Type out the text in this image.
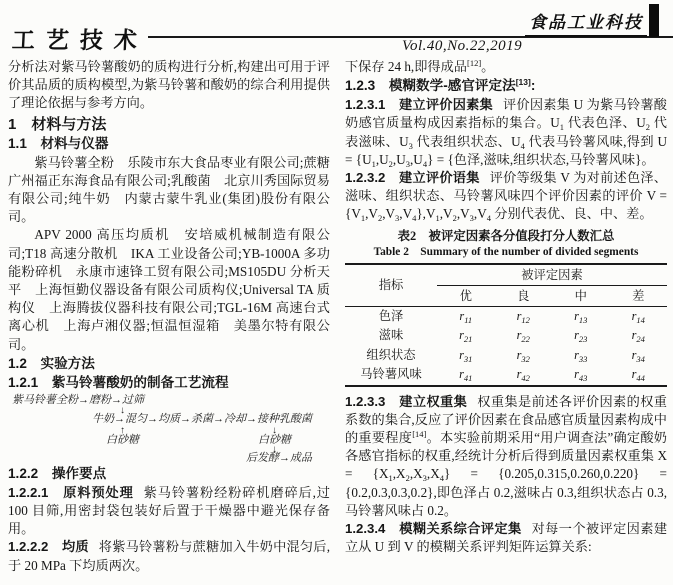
工艺技术
食品工业科技
Vol.40,No.22,2019

分析法对紫马铃薯酸奶的质构进行分析,构建出可用于评价其品质的质构模型,为紫马铃薯和酸奶的综合利用提供了理论依据与参考方向。

1　材料与方法
1.1　材料与仪器

紫马铃薯全粉　乐陵市东大食品枣业有限公司;蔗糖　广州福正东海食品有限公司;乳酸菌　北京川秀国际贸易有限公司;纯牛奶　内蒙古蒙牛乳业(集团)股份有限公司。

APV 2000 高压均质机　安培威机械制造有限公司;T18 高速分散机　IKA 工业设备公司;YB-1000A 多功能粉碎机　永康市速锋工贸有限公司;MS105DU 分析天平　上海恒勤仪器设备有限公司质构仪;Universal TA 质构仪　上海腾拔仪器科技有限公司;TGL-16M 高速台式离心机　上海卢湘仪器;恒温恒湿箱　美墨尔特有限公司。

1.2　实验方法
1.2.1　紫马铃薯酸奶的制备工艺流程
紫马铃薯全粉→磨粉→过筛
↓
牛奶→混匀→均质→杀菌→冷却→接种乳酸菌
↑
白砂糖
↓
白砂糖
↓
后发酵→成品
1.2.2　操作要点

1.2.2.1　原料预处理 紫马铃薯粉经粉碎机磨碎后,过 100 目筛,用密封袋包装好后置于干燥器中避光保存备用。

1.2.2.2　均质 将紫马铃薯粉与蔗糖加入牛奶中混匀后,于 20 MPa 下均质两次。

下保存 24 h,即得成品[12]。

1.2.3　模糊数学-感官评定法[13]:

1.2.3.1　建立评价因素集 评价因素集 U 为紫马铃薯酸奶感官质量构成因素指标的集合。$U_1$ 代表色泽、$U_2$ 代表滋味、$U_3$ 代表组织状态、$U_4$ 代表马铃薯风味,得到 $U = \{U_1,U_2,U_3,U_4\}$ = {色泽,滋味,组织状态,马铃薯风味}。

1.2.3.2　建立评价语集 评价等级集 V 为对前述色泽、滋味、组织状态、马铃薯风味四个评价因素的评价 $V = \{V_1,V_2,V_3,V_4\},V_1,V_2,V_3,V_4$ 分别代表优、良、中、差。

表2　被评定因素各分值段打分人数汇总
Table 2　Summary of the number of divided segments
指标	被评定因素			
	优	良	中	差
色泽	$r_{11}$	$r_{12}$	$r_{13}$	$r_{14}$
滋味	$r_{21}$	$r_{22}$	$r_{23}$	$r_{24}$
组织状态	$r_{31}$	$r_{32}$	$r_{33}$	$r_{34}$
马铃薯风味	$r_{41}$	$r_{42}$	$r_{43}$	$r_{44}$

1.2.3.3　建立权重集 权重集是前述各评价因素的权重系数的集合,反应了评价因素在食品感官质量因素构成中的重要程度[14]。本实验前期采用“用户调查法”确定酸奶各感官指标的权重,经统计分析后得到质量因素权重集 $X = \{X_1,X_2,X_3,X_4\} = \{0.205,0.315,0.260,0.220\} = \{0.2,0.3,0.3,0.2\}$,即色泽占 0.2,滋味占 0.3,组织状态占 0.3,马铃薯风味占 0.2。

1.2.3.4　模糊关系综合评定集 对每一个被评定因素建立从 U 到 V 的模糊关系评判矩阵运算关系:
